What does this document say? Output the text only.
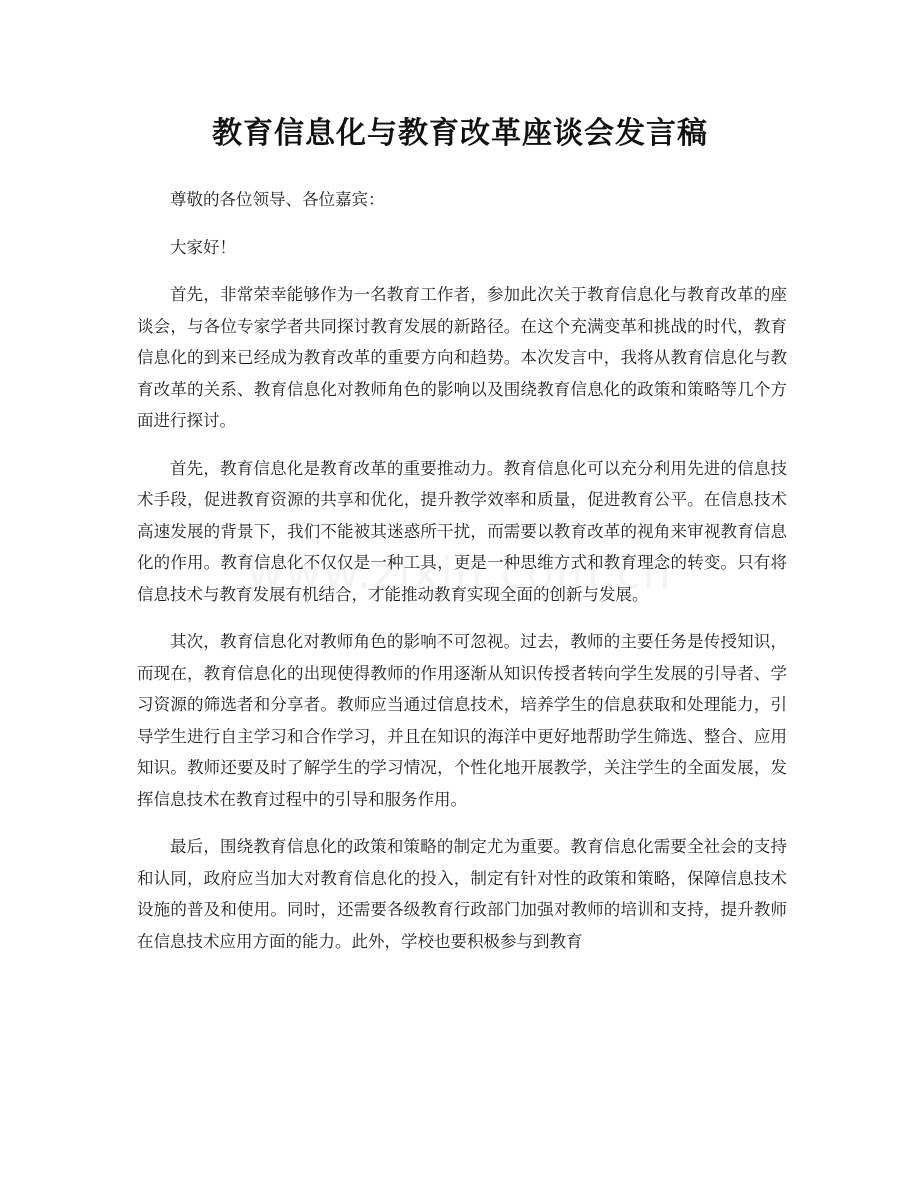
教育信息化与教育改革座谈会发言稿

尊敬的各位领导、各位嘉宾：

大家好！

首先，非常荣幸能够作为一名教育工作者，参加此次关于教育信息化与教育改革的座谈会，与各位专家学者共同探讨教育发展的新路径。在这个充满变革和挑战的时代，教育信息化的到来已经成为教育改革的重要方向和趋势。本次发言中，我将从教育信息化与教育改革的关系、教育信息化对教师角色的影响以及围绕教育信息化的政策和策略等几个方面进行探讨。

首先，教育信息化是教育改革的重要推动力。教育信息化可以充分利用先进的信息技术手段，促进教育资源的共享和优化，提升教学效率和质量，促进教育公平。在信息技术高速发展的背景下，我们不能被其迷惑所干扰，而需要以教育改革的视角来审视教育信息化的作用。教育信息化不仅仅是一种工具，更是一种思维方式和教育理念的转变。只有将信息技术与教育发展有机结合，才能推动教育实现全面的创新与发展。

其次，教育信息化对教师角色的影响不可忽视。过去，教师的主要任务是传授知识，而现在，教育信息化的出现使得教师的作用逐渐从知识传授者转向学生发展的引导者、学习资源的筛选者和分享者。教师应当通过信息技术，培养学生的信息获取和处理能力，引导学生进行自主学习和合作学习，并且在知识的海洋中更好地帮助学生筛选、整合、应用知识。教师还要及时了解学生的学习情况，个性化地开展教学，关注学生的全面发展，发挥信息技术在教育过程中的引导和服务作用。

最后，围绕教育信息化的政策和策略的制定尤为重要。教育信息化需要全社会的支持和认同，政府应当加大对教育信息化的投入，制定有针对性的政策和策略，保障信息技术设施的普及和使用。同时，还需要各级教育行政部门加强对教师的培训和支持，提升教师在信息技术应用方面的能力。此外，学校也要积极参与到教育
